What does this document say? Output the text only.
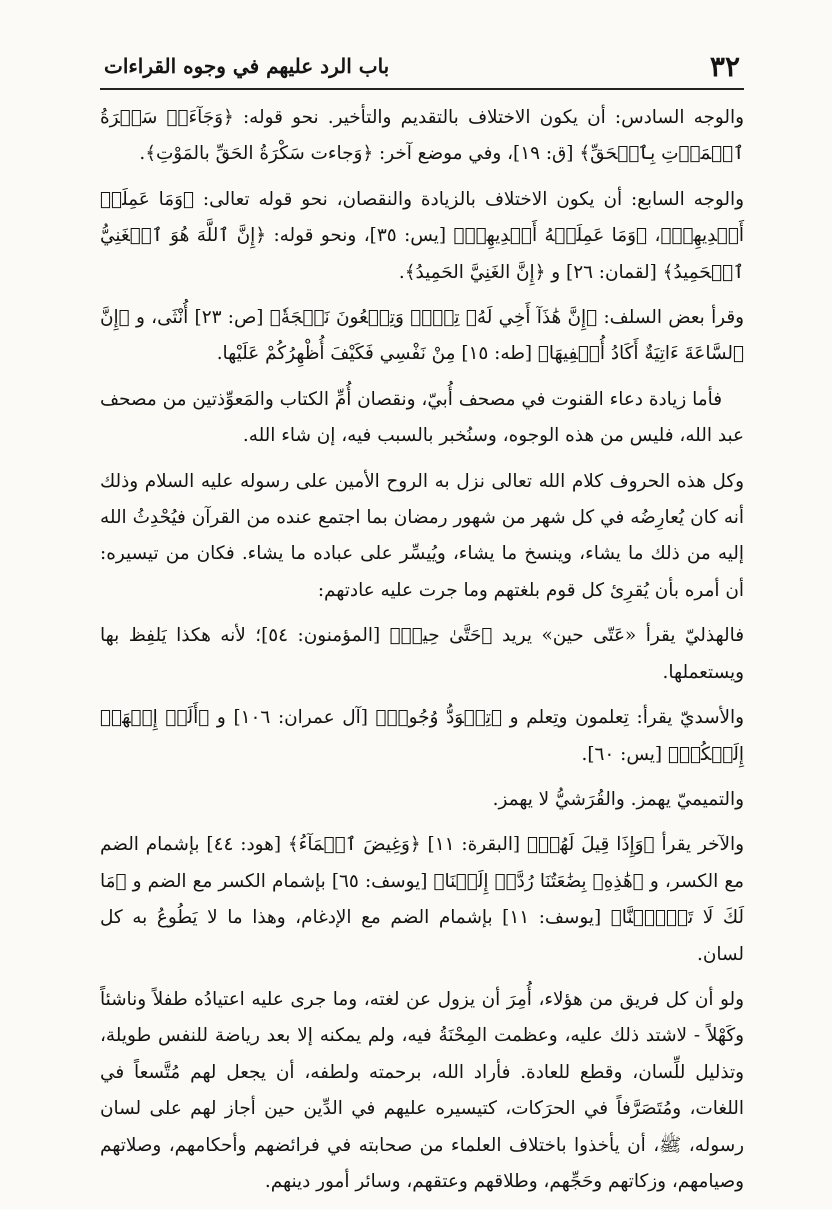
٣٢
باب الرد عليهم في وجوه القراءات

والوجه السادس: أن يكون الاختلاف بالتقديم والتأخير. نحو قوله: ﴿وَجَآءَتۡ سَكۡرَةُ ٱلۡمَوۡتِ بِٱلۡحَقِّ﴾ [ق: ١٩]، وفي موضع آخر: ﴿وَجاءت سَكْرَةُ الحَقِّ بالمَوْتِ﴾.

والوجه السابع: أن يكون الاختلاف بالزيادة والنقصان، نحو قوله تعالى: ﴿وَمَا عَمِلَتۡ أَيۡدِيهِمۡ﴾، ﴿وَمَا عَمِلَتۡهُ أَيۡدِيهِمۡ﴾ [يس: ٣٥]، ونحو قوله: ﴿إِنَّ ٱللَّهَ هُوَ ٱلۡغَنِيُّ ٱلۡحَمِيدُ﴾ [لقمان: ٢٦] و ﴿إِنَّ الغَنِيَّ الحَمِيدُ﴾.

وقرأ بعض السلف: ﴿إِنَّ هَٰذَآ أَخِي لَهُۥ تِسۡعٞ وَتِسۡعُونَ نَعۡجَةٗ﴾ [ص: ٢٣] أُنْثَى، و ﴿إِنَّ ٱلسَّاعَةَ ءَاتِيَةٌ أَكَادُ أُخۡفِيهَا﴾ [طه: ١٥] مِنْ نَفْسِي فَكَيْفَ أُظْهِرُكُمْ عَلَيْها.

فأما زيادة دعاء القنوت في مصحف أُبيّ، ونقصان أُمِّ الكتاب والمَعوِّذتين من مصحف عبد الله، فليس من هذه الوجوه، وسنُخبر بالسبب فيه، إن شاء الله.

وكل هذه الحروف كلام الله تعالى نزل به الروح الأمين على رسوله عليه السلام وذلك أنه كان يُعارِضُه في كل شهر من شهور رمضان بما اجتمع عنده من القرآن فيُحْدِثُ الله إليه من ذلك ما يشاء، وينسخ ما يشاء، ويُيسِّر على عباده ما يشاء. فكان من تيسيره: أن أمره بأن يُقرِئ كل قوم بلغتهم وما جرت عليه عادتهم:

فالهذليّ يقرأ «عَتّى حين» يريد ﴿حَتَّىٰ حِينٖ﴾ [المؤمنون: ٥٤]؛ لأنه هكذا يَلفِظ بها ويستعملها.

والأسديّ يقرأ: تِعلمون وتِعلم و ﴿تِسۡوَدُّ وُجُوهٞ﴾ [آل عمران: ١٠٦] و ﴿أَلَمۡ إِعۡهَدۡ إِلَيۡكُمۡ﴾ [يس: ٦٠].

والتميميّ يهمز. والقُرَشيُّ لا يهمز.

والآخر يقرأ ﴿وَإِذَا قِيلَ لَهُمۡ﴾ [البقرة: ١١] ﴿وَغِيضَ ٱلۡمَآءُ﴾ [هود: ٤٤] بإشمام الضم مع الكسر، و ﴿هَٰذِهِۦ بِضَٰعَتُنَا رُدَّتۡ إِلَيۡنَا﴾ [يوسف: ٦٥] بإشمام الكسر مع الضم و ﴿مَا لَكَ لَا تَأۡمَ۫نَّا﴾ [يوسف: ١١] بإشمام الضم مع الإدغام، وهذا ما لا يَطُوعُ به كل لسان.

ولو أن كل فريق من هؤلاء، أُمِرَ أن يزول عن لغته، وما جرى عليه اعتيادُه طفلاً وناشئاً وكَهْلاً - لاشتد ذلك عليه، وعظمت المِحْنَةُ فيه، ولم يمكنه إلا بعد رياضة للنفس طويلة، وتذليل للِّسان، وقطع للعادة. فأراد الله، برحمته ولطفه، أن يجعل لهم مُتَّسعاً في اللغات، ومُتَصَرَّفاً في الحرَكات، كتيسيره عليهم في الدِّين حين أجاز لهم على لسان رسوله، ﷺ، أن يأخذوا باختلاف العلماء من صحابته في فرائضهم وأحكامهم، وصلاتهم وصيامهم، وزكاتهم وحَجِّهم، وطلاقهم وعتقهم، وسائر أمور دينهم.
